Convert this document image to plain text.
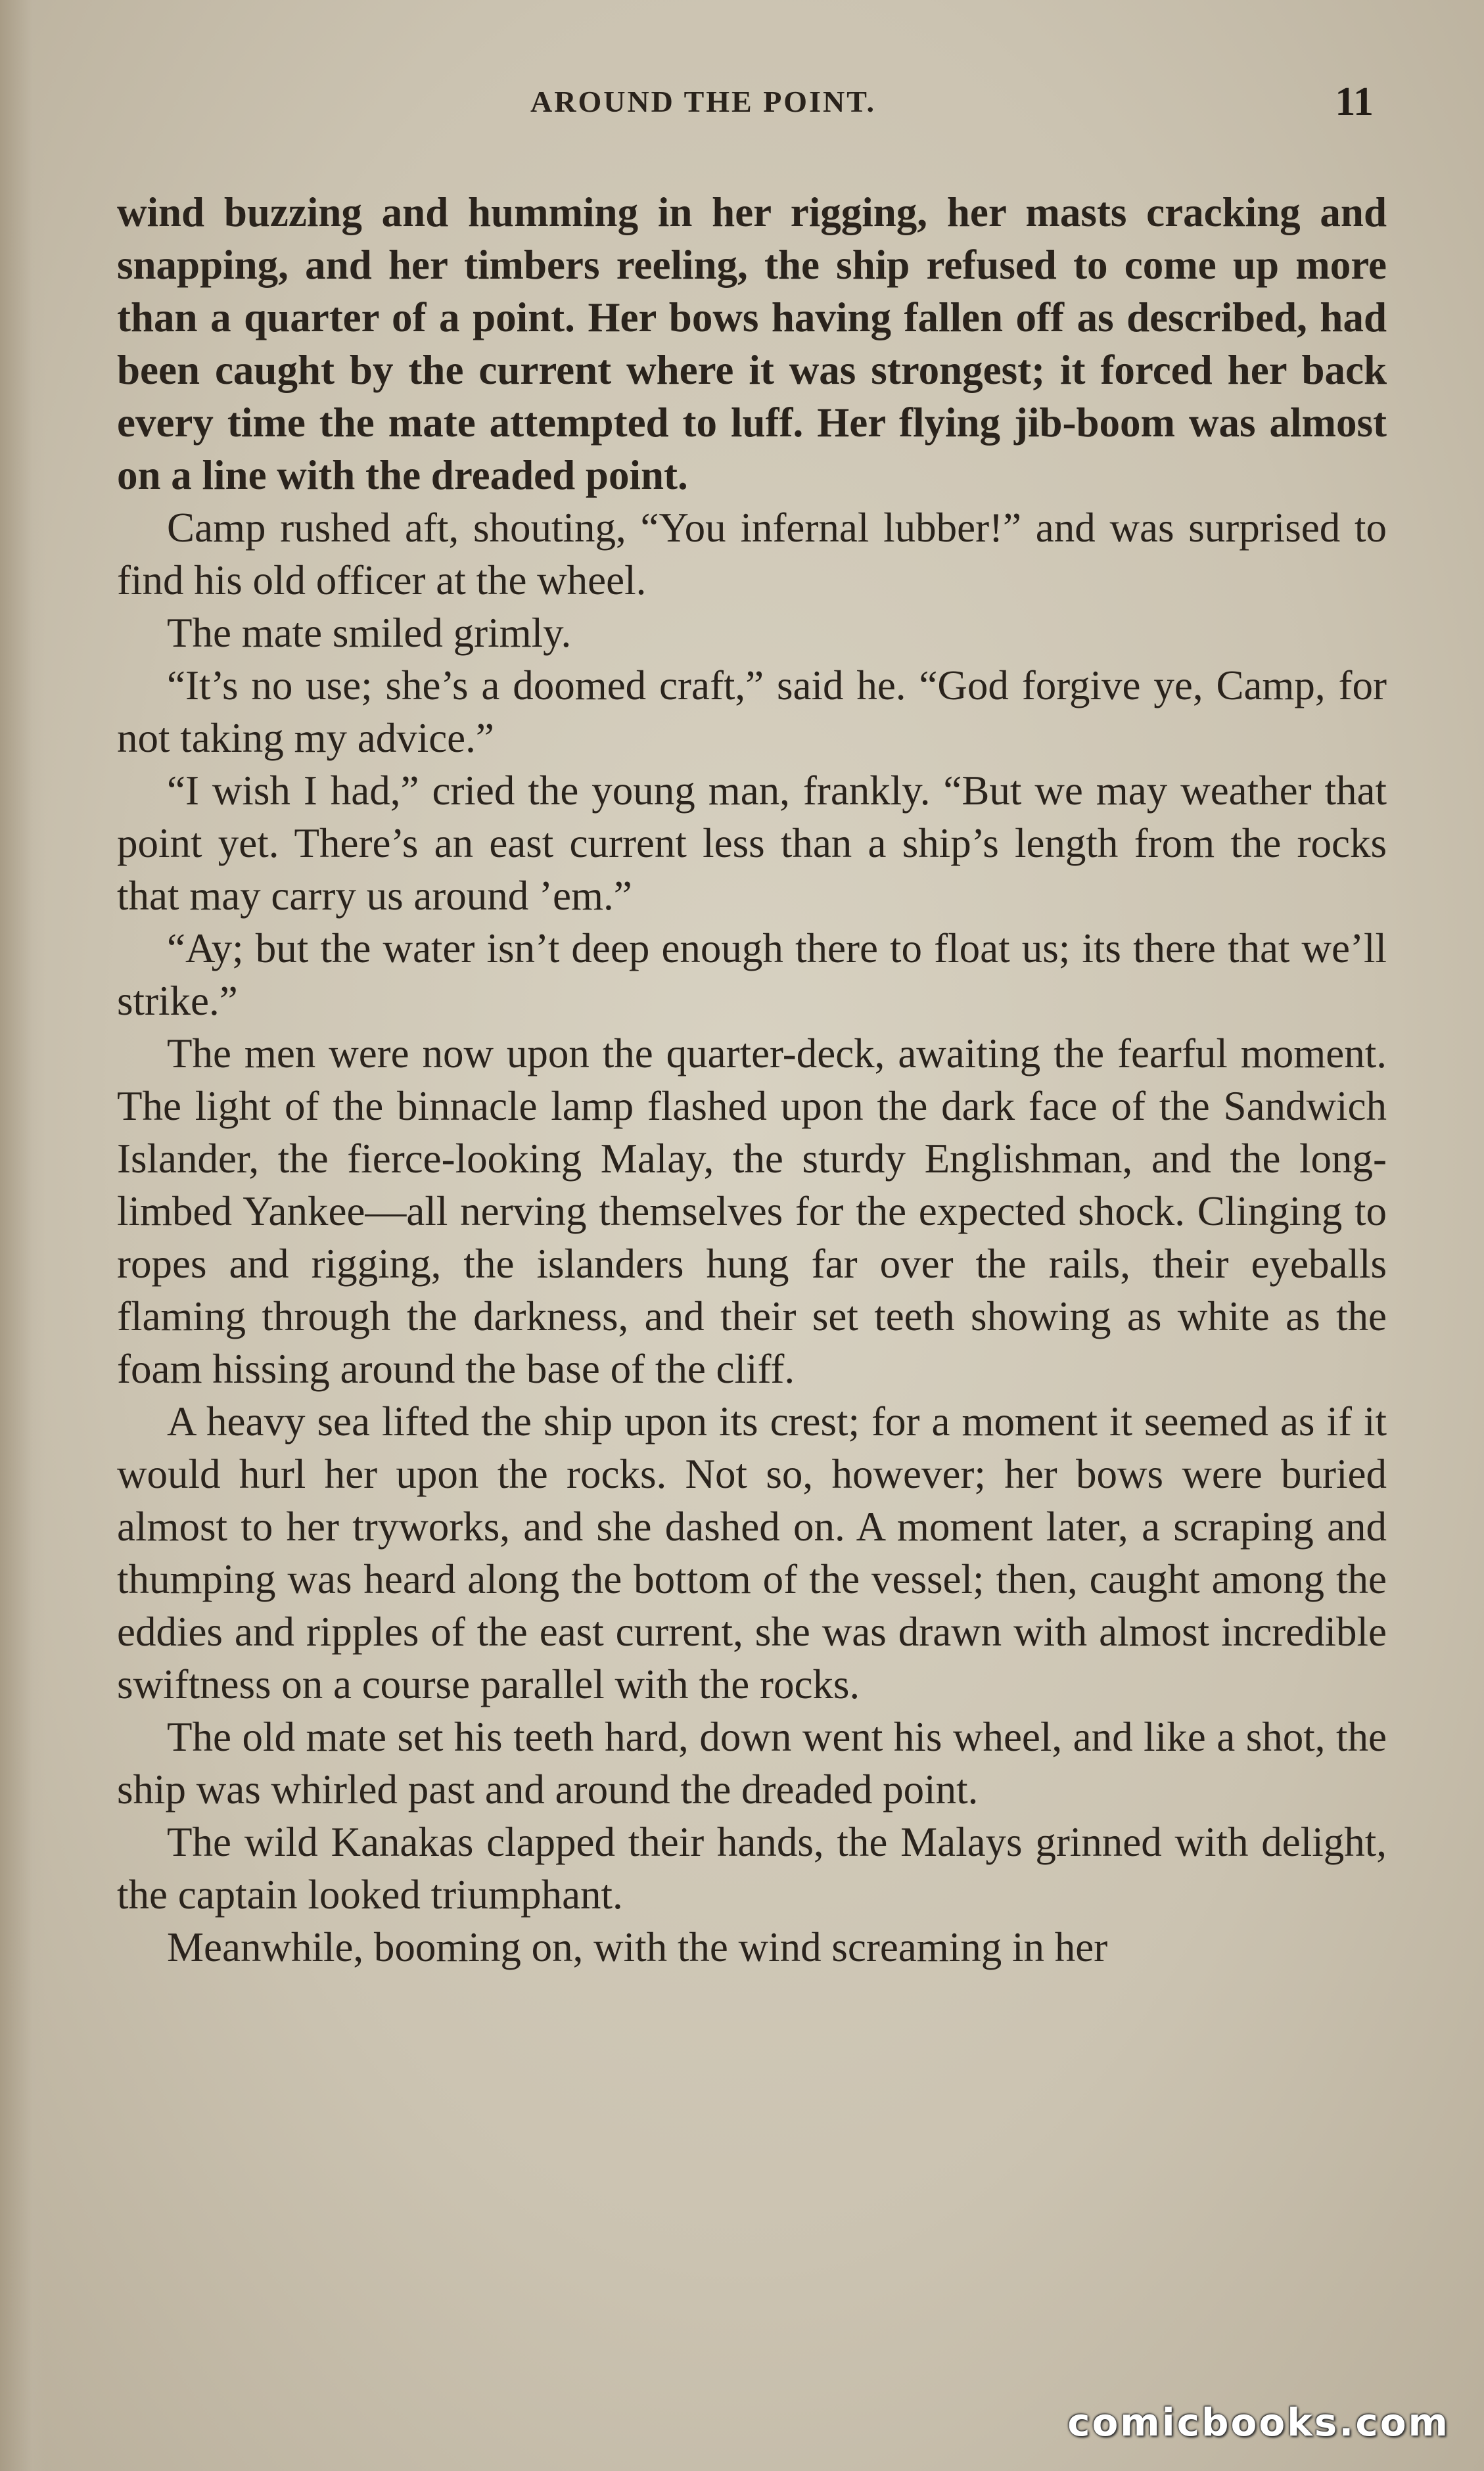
AROUND THE POINT.	11

wind buzzing and humming in her rigging, her masts cracking and snapping, and her timbers reeling, the ship refused to come up more than a quarter of a point. Her bows having fallen off as described, had been caught by the current where it was strongest; it forced her back every time the mate attempted to luff. Her flying jib-boom was almost on a line with the dreaded point.

Camp rushed aft, shouting, “You infernal lubber!” and was surprised to find his old officer at the wheel.

The mate smiled grimly.

“It’s no use; she’s a doomed craft,” said he. “God forgive ye, Camp, for not taking my advice.”

“I wish I had,” cried the young man, frankly. “But we may weather that point yet. There’s an east current less than a ship’s length from the rocks that may carry us around ’em.”

“Ay; but the water isn’t deep enough there to float us; its there that we’ll strike.”

The men were now upon the quarter-deck, awaiting the fearful moment. The light of the binnacle lamp flashed upon the dark face of the Sandwich Islander, the fierce-looking Malay, the sturdy Englishman, and the long-limbed Yankee—all nerving themselves for the expected shock. Clinging to ropes and rigging, the islanders hung far over the rails, their eyeballs flaming through the darkness, and their set teeth showing as white as the foam hissing around the base of the cliff.

A heavy sea lifted the ship upon its crest; for a moment it seemed as if it would hurl her upon the rocks. Not so, however; her bows were buried almost to her tryworks, and she dashed on. A moment later, a scraping and thumping was heard along the bottom of the vessel; then, caught among the eddies and ripples of the east current, she was drawn with almost incredible swiftness on a course parallel with the rocks.

The old mate set his teeth hard, down went his wheel, and like a shot, the ship was whirled past and around the dreaded point.

The wild Kanakas clapped their hands, the Malays grinned with delight, the captain looked triumphant.

Meanwhile, booming on, with the wind screaming in her

comicbooks.com
